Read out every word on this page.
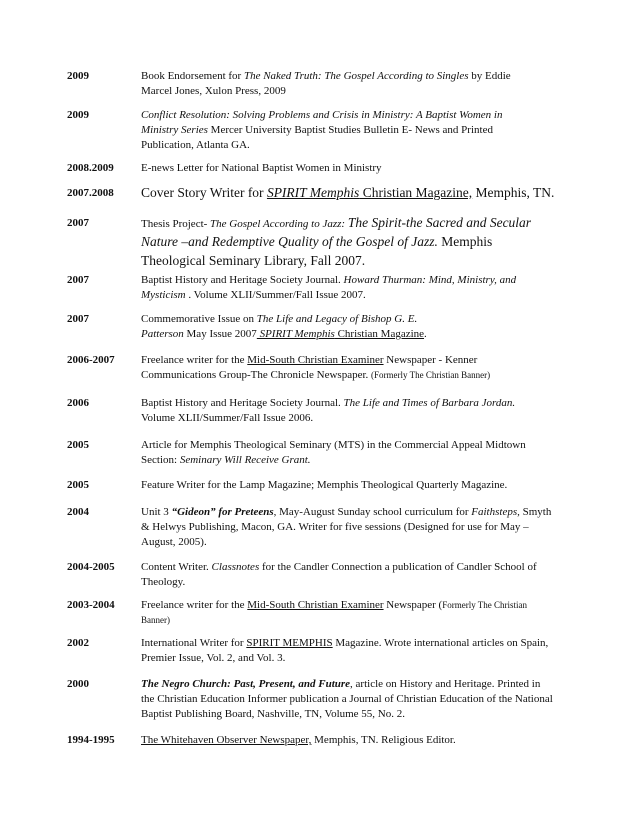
2009	Book Endorsement for The Naked Truth: The Gospel According to Singles by Eddie Marcel Jones, Xulon Press, 2009
2009	Conflict Resolution: Solving Problems and Crisis in Ministry: A Baptist Women in Ministry Series Mercer University Baptist Studies Bulletin E- News and Printed Publication, Atlanta GA.
2008.2009 E-news Letter for National Baptist Women in Ministry
2007.2008 Cover Story Writer for SPIRIT Memphis Christian Magazine, Memphis, TN.
2007	Thesis Project- The Gospel According to Jazz: The Spirit-the Sacred and Secular Nature –and Redemptive Quality of the Gospel of Jazz. Memphis Theological Seminary Library, Fall 2007.
2007	Baptist History and Heritage Society Journal. Howard Thurman: Mind, Ministry, and Mysticism . Volume XLII/Summer/Fall Issue 2007.
2007	Commemorative Issue on The Life and Legacy of Bishop G. E. Patterson May Issue 2007 SPIRIT Memphis Christian Magazine.
2006-2007 Freelance writer for the Mid-South Christian Examiner Newspaper - Kenner Communications Group-The Chronicle Newspaper. (Formerly The Christian Banner)
2006	Baptist History and Heritage Society Journal. The Life and Times of Barbara Jordan. Volume XLII/Summer/Fall Issue 2006.
2005	Article for Memphis Theological Seminary (MTS) in the Commercial Appeal Midtown Section: Seminary Will Receive Grant.
2005	Feature Writer for the Lamp Magazine; Memphis Theological Quarterly Magazine.
2004	Unit 3 “Gideon” for Preteens, May-August Sunday school curriculum for Faithsteps, Smyth & Helwys Publishing, Macon, GA. Writer for five sessions (Designed for use for May –August, 2005).
2004-2005 Content Writer. Classnotes for the Candler Connection a publication of Candler School of Theology.
2003-2004 Freelance writer for the Mid-South Christian Examiner Newspaper (Formerly The Christian Banner)
2002	International Writer for SPIRIT MEMPHIS Magazine. Wrote international articles on Spain, Premier Issue, Vol. 2, and Vol. 3.
2000	The Negro Church: Past, Present, and Future, article on History and Heritage. Printed in the Christian Education Informer publication a Journal of Christian Education of the National Baptist Publishing Board, Nashville, TN, Volume 55, No. 2.
1994-1995 The Whitehaven Observer Newspaper, Memphis, TN. Religious Editor.
